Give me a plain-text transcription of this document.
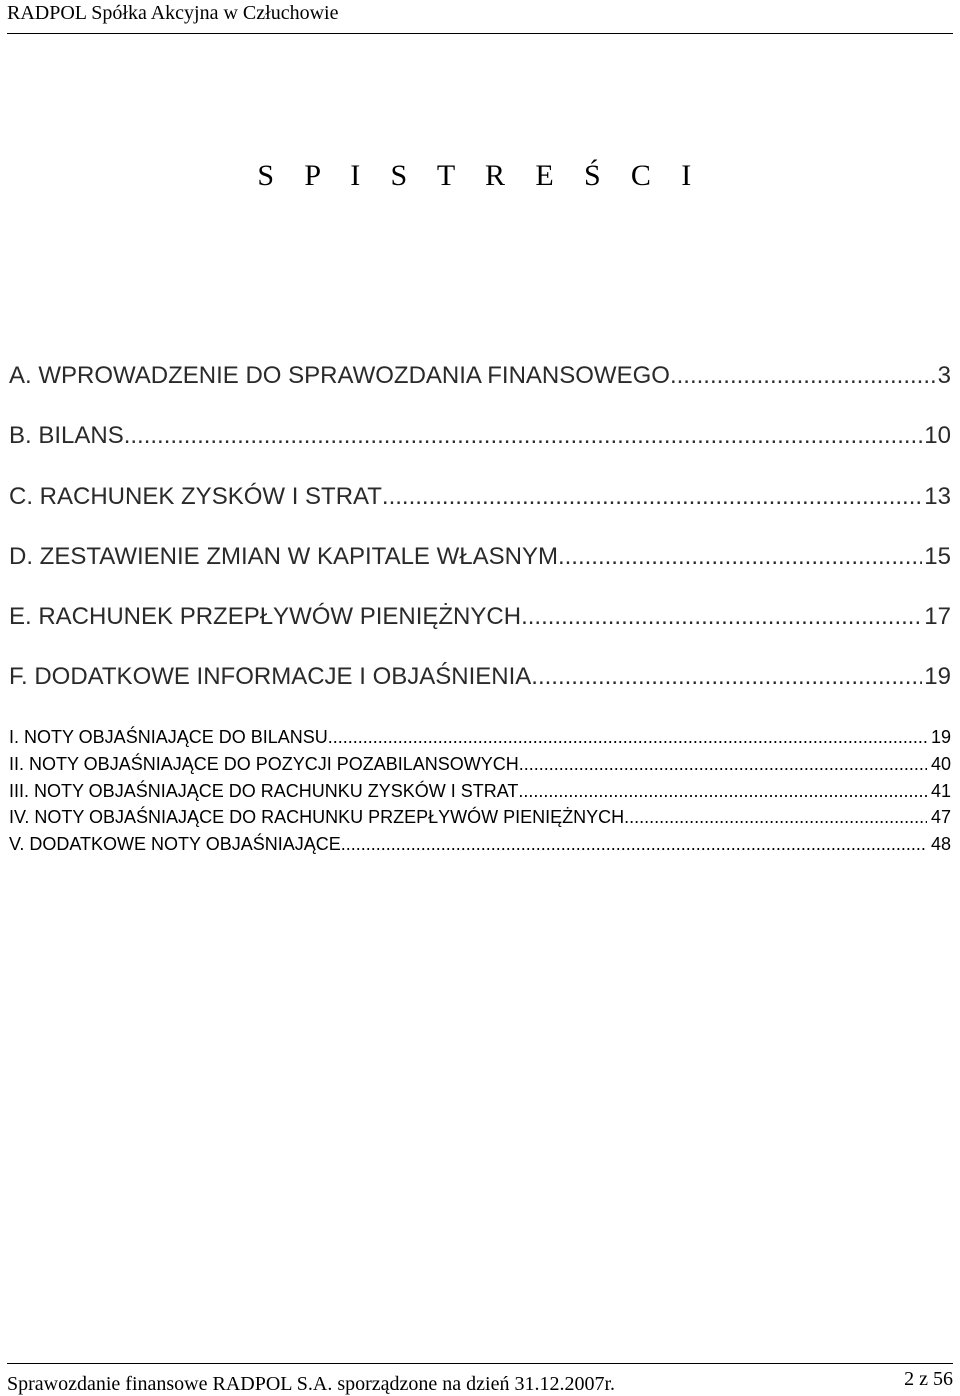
RADPOL Spółka Akcyjna w Człuchowie
S P I S T R E Ś C I
A. WPROWADZENIE DO SPRAWOZDANIA FINANSOWEGO .....	3
B. BILANS .....	10
C. RACHUNEK ZYSKÓW I STRAT .....	13
D. ZESTAWIENIE ZMIAN W KAPITALE WŁASNYM .....	15
E. RACHUNEK PRZEPŁYWÓW PIENIĘŻNYCH .....	17
F. DODATKOWE INFORMACJE I OBJAŚNIENIA .....	19
I. NOTY OBJAŚNIAJĄCE DO BILANSU .....	19
II. NOTY OBJAŚNIAJĄCE DO POZYCJI POZABILANSOWYCH .....	40
III. NOTY OBJAŚNIAJĄCE DO RACHUNKU ZYSKÓW I STRAT .....	41
IV. NOTY OBJAŚNIAJĄCE DO RACHUNKU PRZEPŁYWÓW PIENIĘŻNYCH .....	47
V. DODATKOWE NOTY OBJAŚNIAJĄCE .....	48
Sprawozdanie finansowe RADPOL S.A. sporządzone na dzień 31.12.2007r.	2 z 56
